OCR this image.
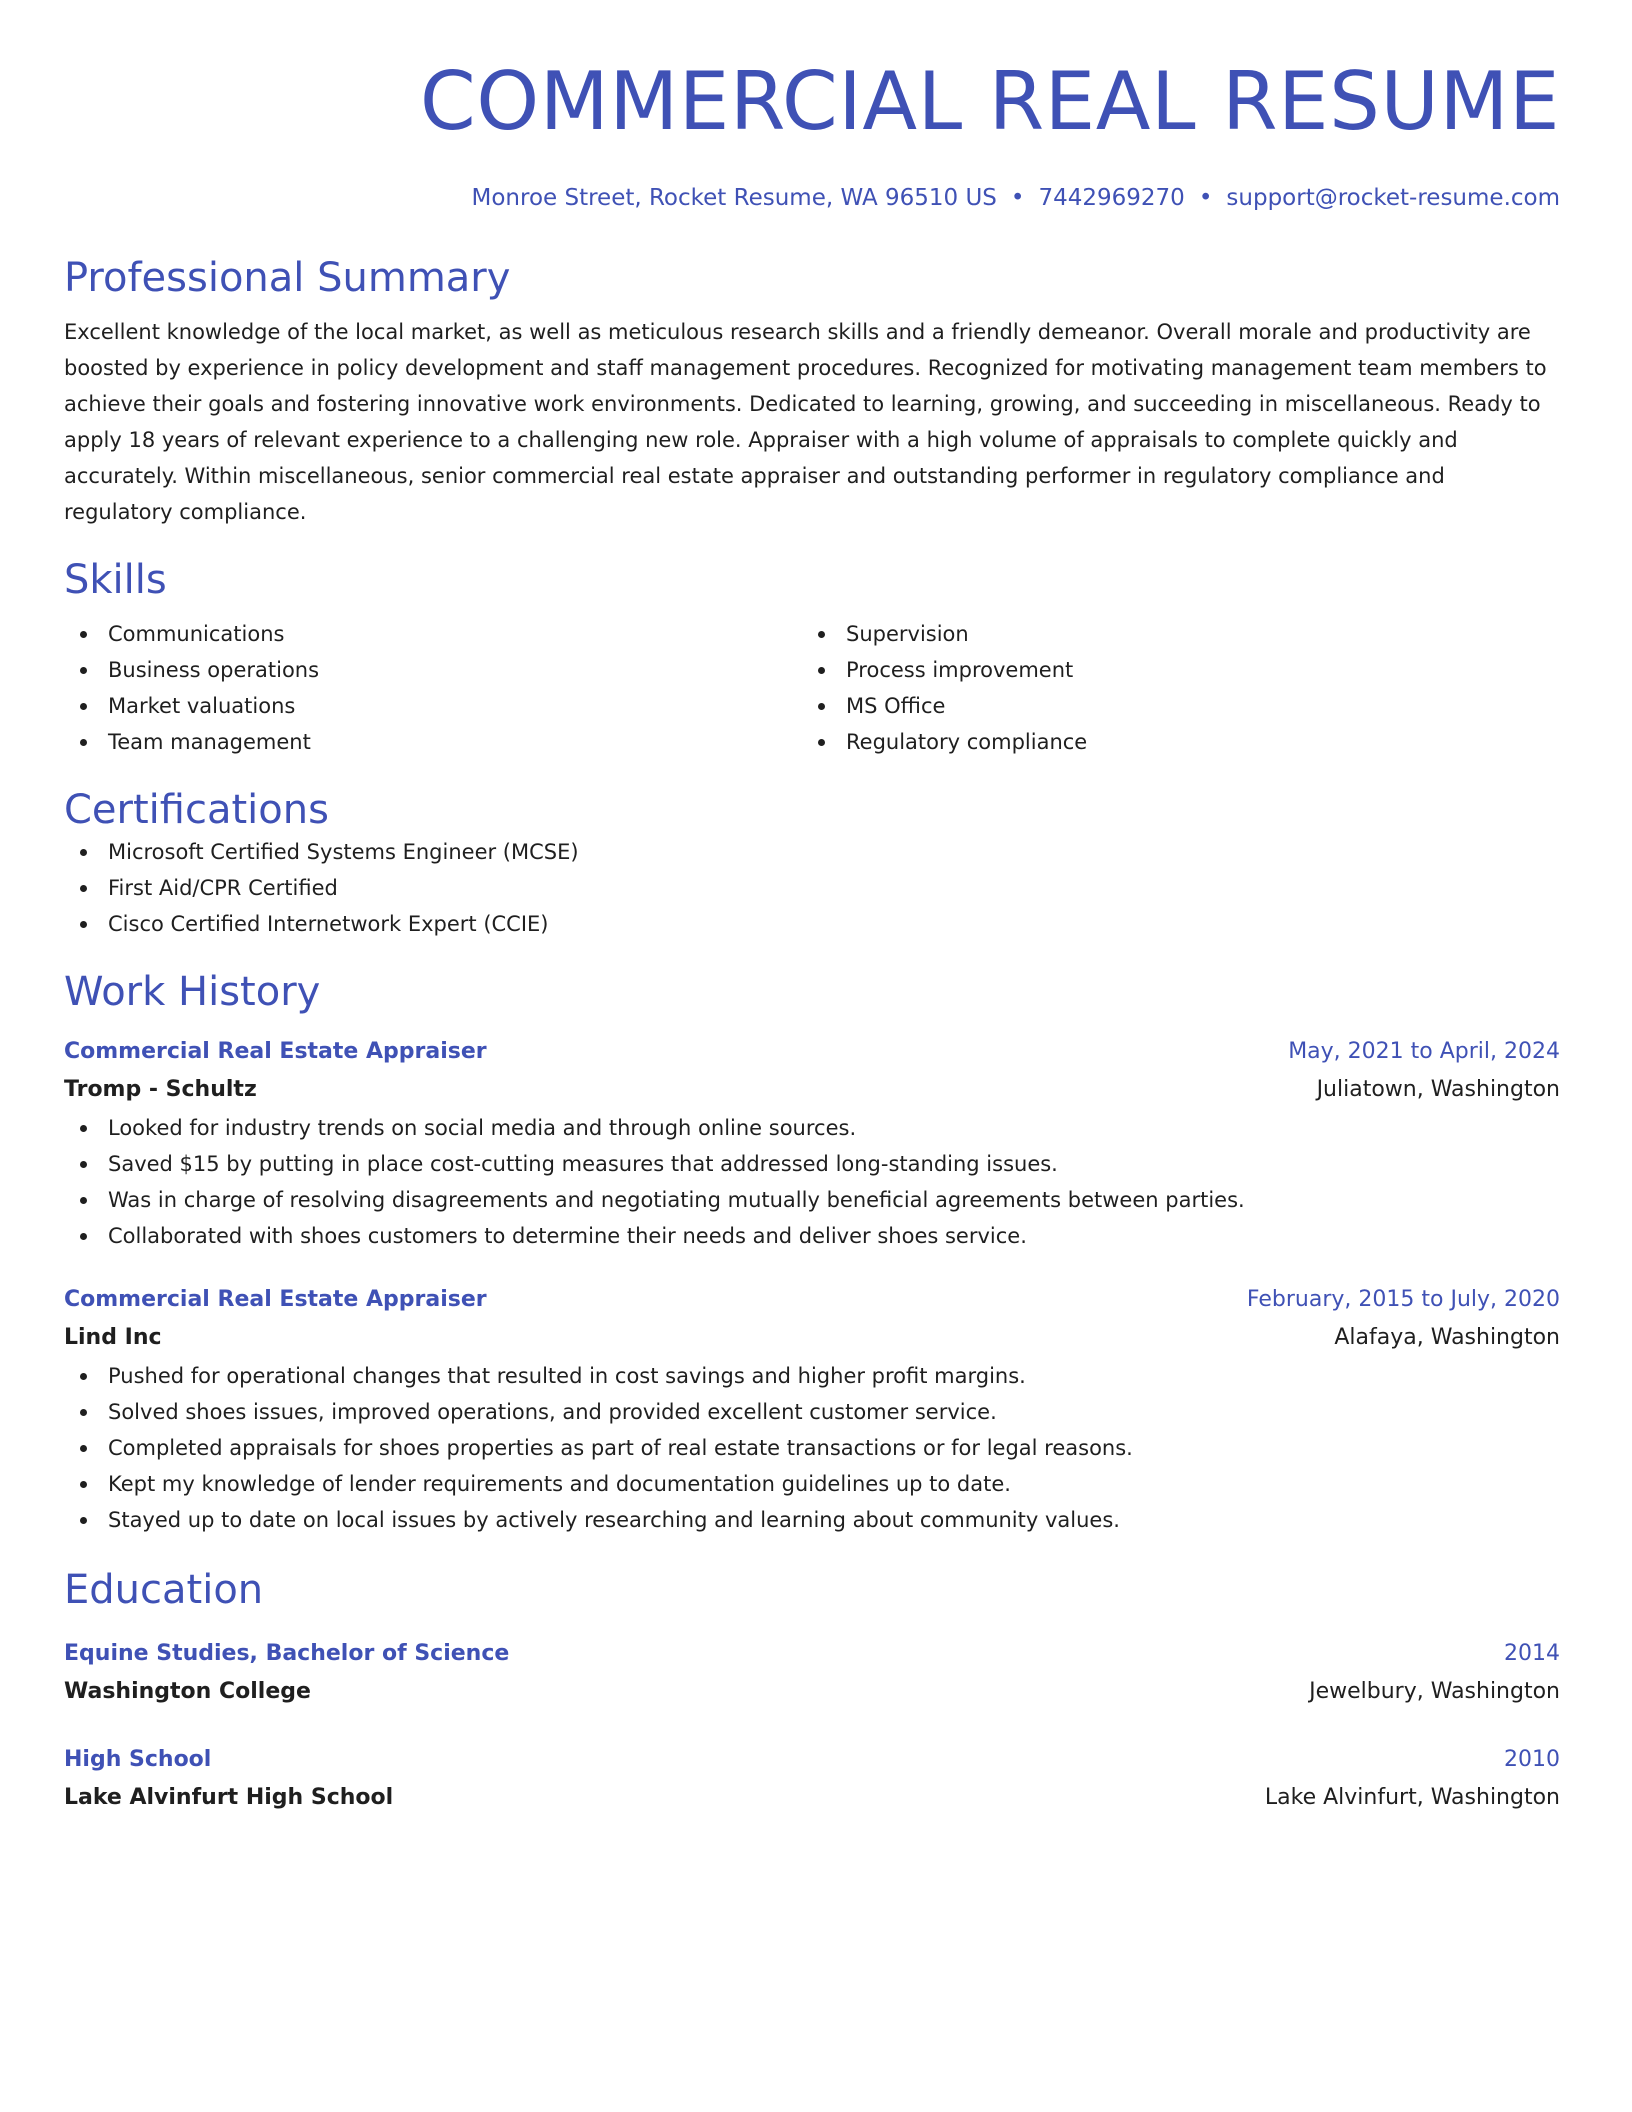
COMMERCIAL REAL RESUME
Monroe Street, Rocket Resume, WA 96510 US • 7442969270 • support@rocket-resume.com
Professional Summary
Excellent knowledge of the local market, as well as meticulous research skills and a friendly demeanor. Overall morale and productivity are boosted by experience in policy development and staff management procedures. Recognized for motivating management team members to achieve their goals and fostering innovative work environments. Dedicated to learning, growing, and succeeding in miscellaneous. Ready to apply 18 years of relevant experience to a challenging new role. Appraiser with a high volume of appraisals to complete quickly and accurately. Within miscellaneous, senior commercial real estate appraiser and outstanding performer in regulatory compliance and regulatory compliance.
Skills
Communications
Business operations
Market valuations
Team management
Supervision
Process improvement
MS Office
Regulatory compliance
Certifications
Microsoft Certified Systems Engineer (MCSE)
First Aid/CPR Certified
Cisco Certified Internetwork Expert (CCIE)
Work History
Commercial Real Estate Appraiser	May, 2021 to April, 2024
Tromp - Schultz	Juliatown, Washington
Looked for industry trends on social media and through online sources.
Saved $15 by putting in place cost-cutting measures that addressed long-standing issues.
Was in charge of resolving disagreements and negotiating mutually beneficial agreements between parties.
Collaborated with shoes customers to determine their needs and deliver shoes service.
Commercial Real Estate Appraiser	February, 2015 to July, 2020
Lind Inc	Alafaya, Washington
Pushed for operational changes that resulted in cost savings and higher profit margins.
Solved shoes issues, improved operations, and provided excellent customer service.
Completed appraisals for shoes properties as part of real estate transactions or for legal reasons.
Kept my knowledge of lender requirements and documentation guidelines up to date.
Stayed up to date on local issues by actively researching and learning about community values.
Education
Equine Studies, Bachelor of Science	2014
Washington College	Jewelbury, Washington
High School	2010
Lake Alvinfurt High School	Lake Alvinfurt, Washington
